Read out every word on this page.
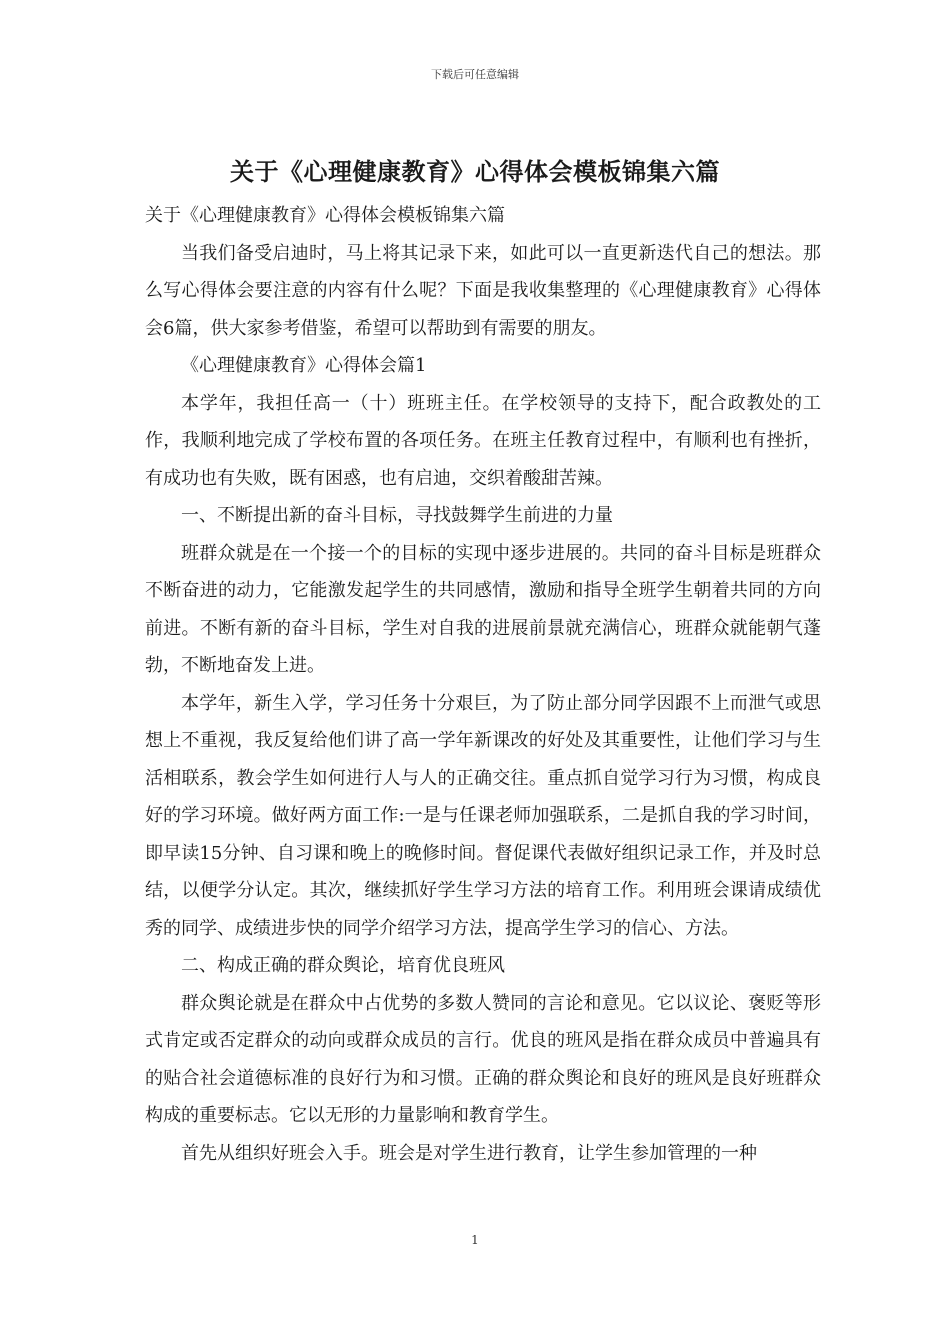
下载后可任意编辑
关于《心理健康教育》心得体会模板锦集六篇

关于《心理健康教育》心得体会模板锦集六篇

当我们备受启迪时，马上将其记录下来，如此可以一直更新迭代自己的想法。那么写心得体会要注意的内容有什么呢？下面是我收集整理的《心理健康教育》心得体会6篇，供大家参考借鉴，希望可以帮助到有需要的朋友。

《心理健康教育》心得体会篇1

本学年，我担任高一（十）班班主任。在学校领导的支持下，配合政教处的工作，我顺利地完成了学校布置的各项任务。在班主任教育过程中，有顺利也有挫折，有成功也有失败，既有困惑，也有启迪，交织着酸甜苦辣。

一、不断提出新的奋斗目标，寻找鼓舞学生前进的力量

班群众就是在一个接一个的目标的实现中逐步进展的。共同的奋斗目标是班群众不断奋进的动力，它能激发起学生的共同感情，激励和指导全班学生朝着共同的方向前进。不断有新的奋斗目标，学生对自我的进展前景就充满信心，班群众就能朝气蓬勃，不断地奋发上进。

本学年，新生入学，学习任务十分艰巨，为了防止部分同学因跟不上而泄气或思想上不重视，我反复给他们讲了高一学年新课改的好处及其重要性，让他们学习与生活相联系，教会学生如何进行人与人的正确交往。重点抓自觉学习行为习惯，构成良好的学习环境。做好两方面工作:一是与任课老师加强联系，二是抓自我的学习时间，即早读15分钟、自习课和晚上的晚修时间。督促课代表做好组织记录工作，并及时总结，以便学分认定。其次，继续抓好学生学习方法的培育工作。利用班会课请成绩优秀的同学、成绩进步快的同学介绍学习方法，提高学生学习的信心、方法。

二、构成正确的群众舆论，培育优良班风

群众舆论就是在群众中占优势的多数人赞同的言论和意见。它以议论、褒贬等形式肯定或否定群众的动向或群众成员的言行。优良的班风是指在群众成员中普遍具有的贴合社会道德标准的良好行为和习惯。正确的群众舆论和良好的班风是良好班群众构成的重要标志。它以无形的力量影响和教育学生。

首先从组织好班会入手。班会是对学生进行教育，让学生参加管理的一种

1
